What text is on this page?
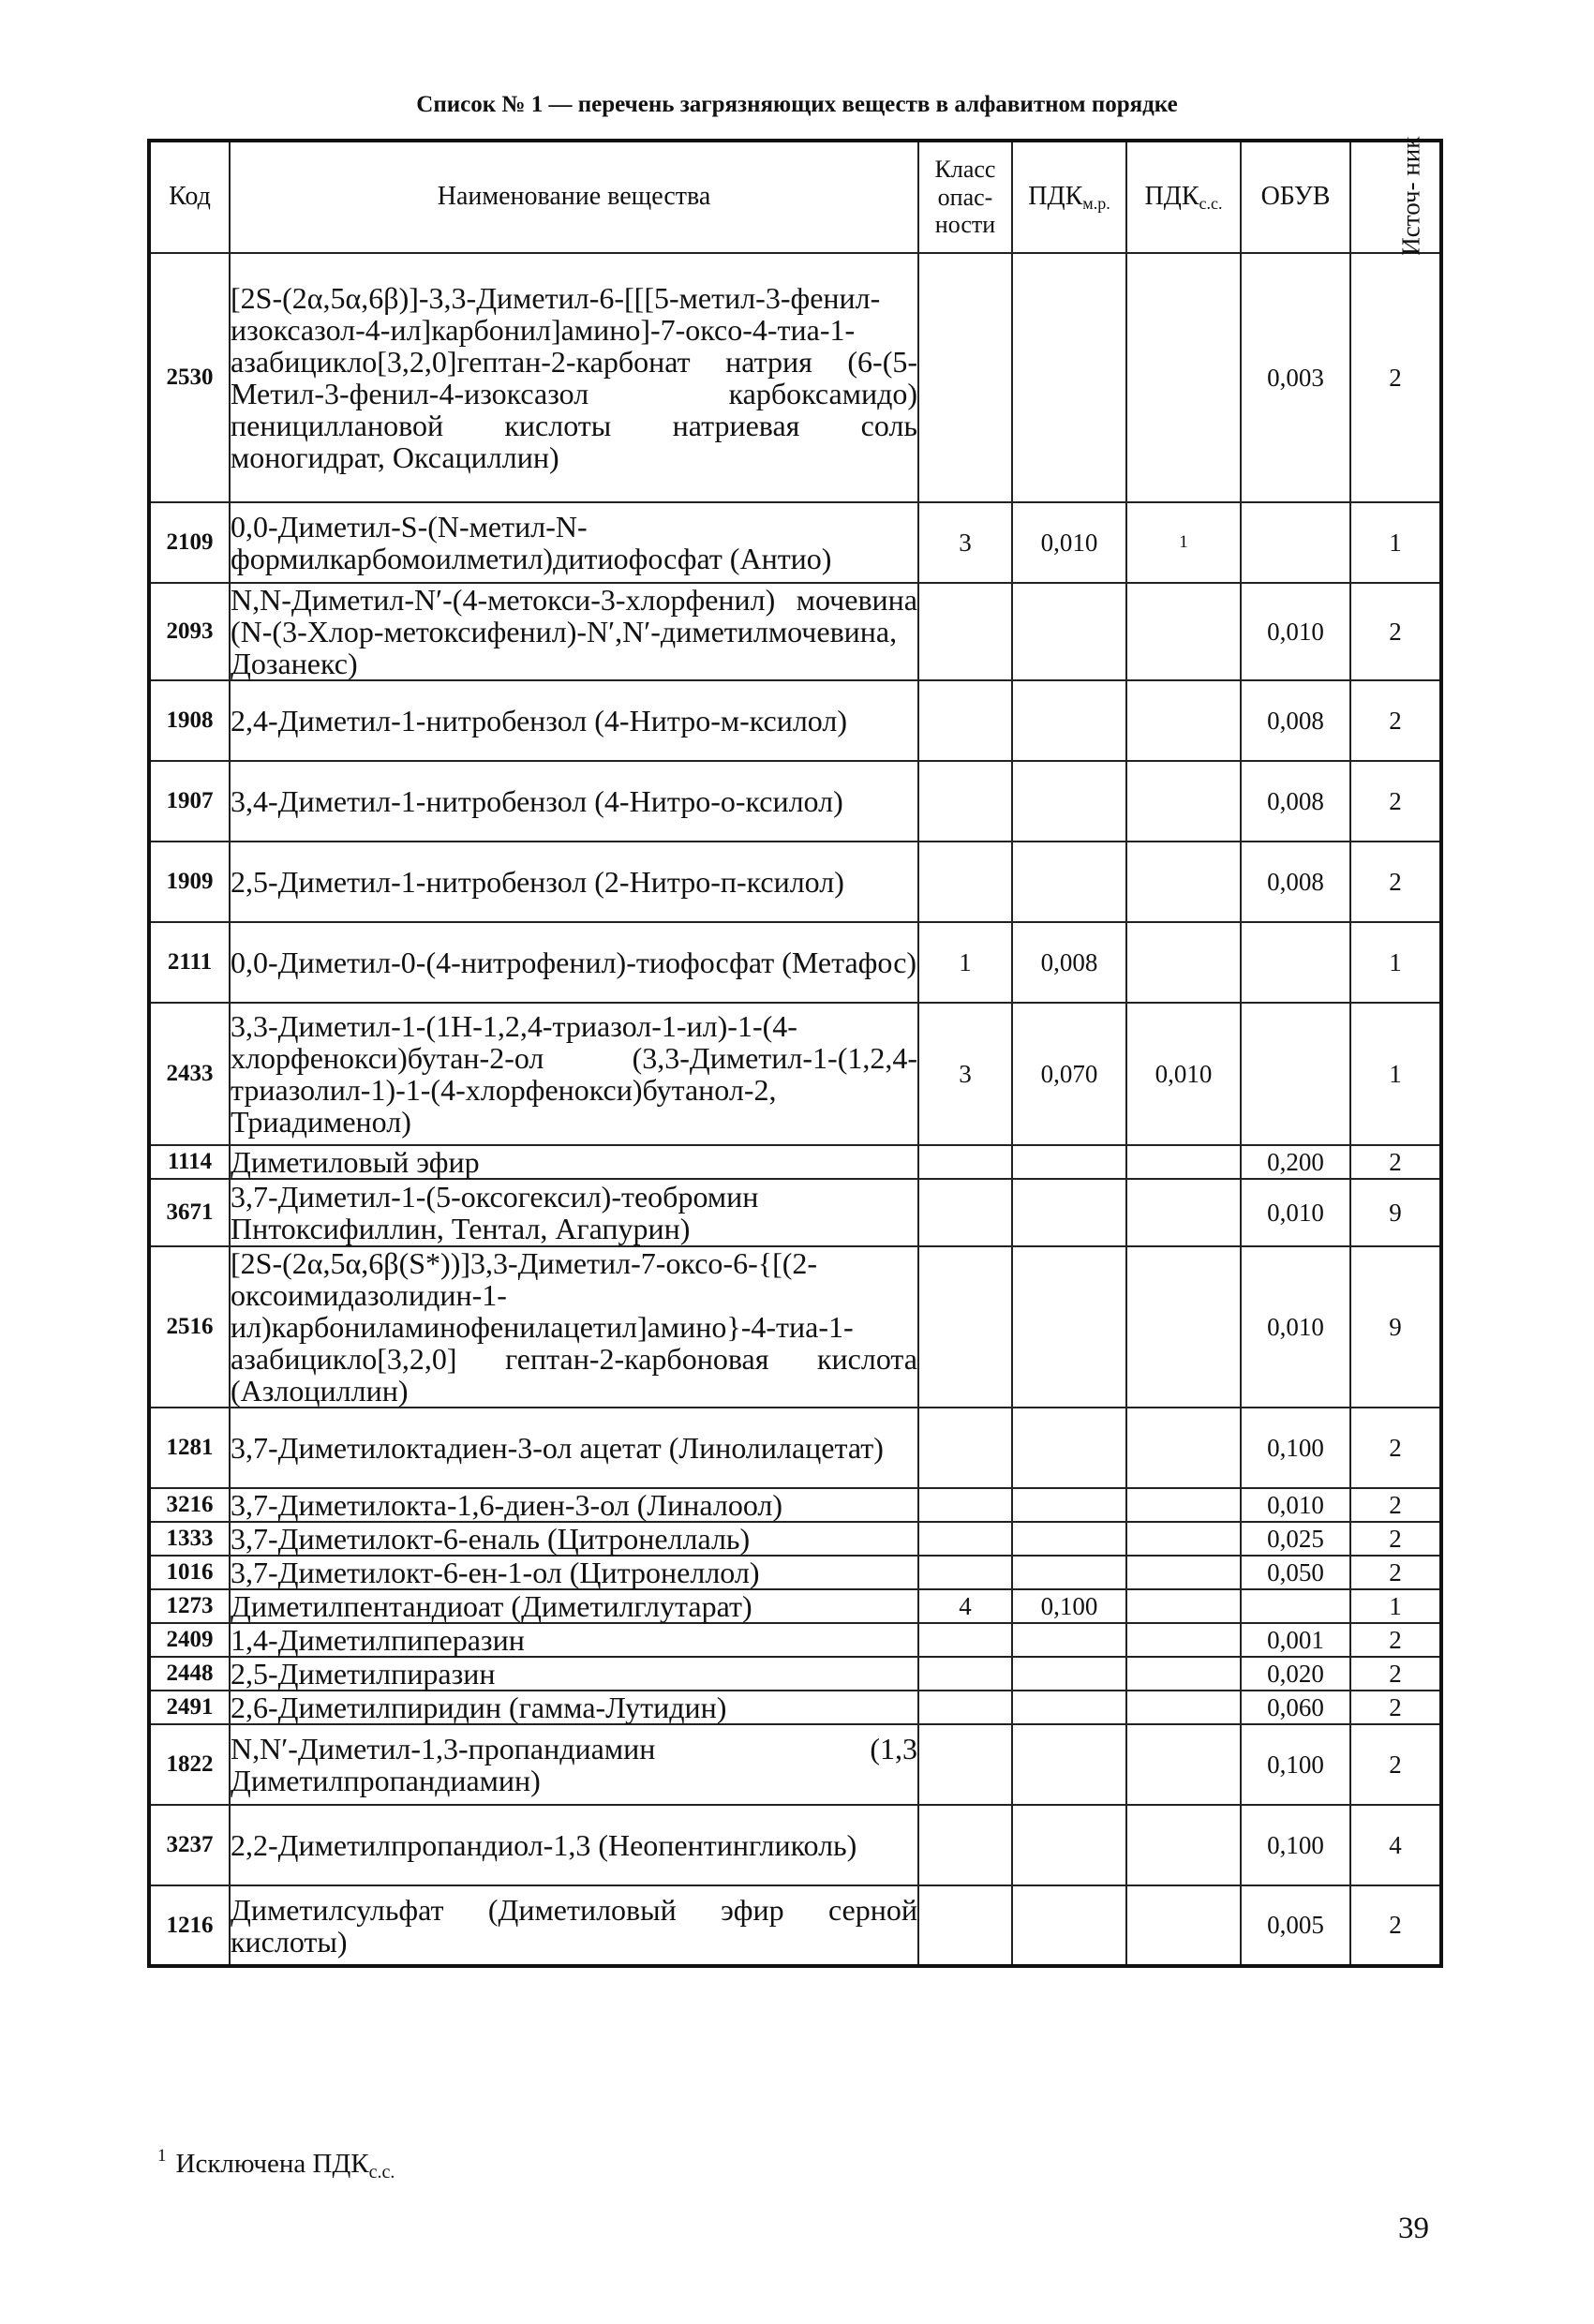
Список № 1 — перечень загрязняющих веществ в алфавитном порядке
Код	Наименование вещества	Класс опас- ности	$ПДК_{м.р.}$	$ПДК_{с.с.}$	ОБУВ	Источ- ник
2530	[2S-(2α,5α,6β)]-3,3-Диметил-6-[[[5-метил-3-фенил-изоксазол-4-ил]карбонил]амино]-7-оксо-4-тиа-1-азабицикло[3,2,0]гептан-2-карбонат натрия (6-(5-Метил-3-фенил-4-изоксазол карбоксамидо) пенициллановой кислоты натриевая соль моногидрат, Оксациллин)				0,003	2
2109	0,0-Диметил-S-(N-метил-N-формилкарбомоилметил)дитиофосфат (Антио)	3	0,010	1		1
2093	N,N-Диметил-N′-(4-метокси-3-хлорфенил) мочевина (N-(3-Хлор-метоксифенил)-N′,N′-диметилмочевина, Дозанекс)				0,010	2
1908	2,4-Диметил-1-нитробензол (4-Нитро-м-ксилол)				0,008	2
1907	3,4-Диметил-1-нитробензол (4-Нитро-о-ксилол)				0,008	2
1909	2,5-Диметил-1-нитробензол (2-Нитро-п-ксилол)				0,008	2
2111	0,0-Диметил-0-(4-нитрофенил)-тиофосфат (Метафос)	1	0,008			1
2433	3,3-Диметил-1-(1Н-1,2,4-триазол-1-ил)-1-(4-хлорфенокси)бутан-2-ол (3,3-Диметил-1-(1,2,4-триазолил-1)-1-(4-хлорфенокси)бутанол-2, Триадименол)	3	0,070	0,010		1
1114	Диметиловый эфир				0,200	2
3671	3,7-Диметил-1-(5-оксогексил)-теобромин Пнтоксифиллин, Тентал, Агапурин)				0,010	9
2516	[2S-(2α,5α,6β(S*))]3,3-Диметил-7-оксо-6-{[(2-оксоимидазолидин-1-ил)карбониламинофенилацетил]амино}-4-тиа-1-азабицикло[3,2,0] гептан-2-карбоновая кислота (Азлоциллин)				0,010	9
1281	3,7-Диметилоктадиен-3-ол ацетат (Линолилацетат)				0,100	2
3216	3,7-Диметилокта-1,6-диен-3-ол (Линалоол)				0,010	2
1333	3,7-Диметилокт-6-еналь (Цитронеллаль)				0,025	2
1016	3,7-Диметилокт-6-ен-1-ол (Цитронеллол)				0,050	2
1273	Диметилпентандиоат (Диметилглутарат)	4	0,100			1
2409	1,4-Диметилпиперазин				0,001	2
2448	2,5-Диметилпиразин				0,020	2
2491	2,6-Диметилпиридин (гамма-Лутидин)				0,060	2
1822	N,N′-Диметил-1,3-пропандиамин (1,3 Диметилпропандиамин)				0,100	2
3237	2,2-Диметилпропандиол-1,3 (Неопентингликоль)				0,100	4
1216	Диметилсульфат (Диметиловый эфир серной кислоты)				0,005	2
$^1$ Исключена $ПДК_{с.с.}$
39
